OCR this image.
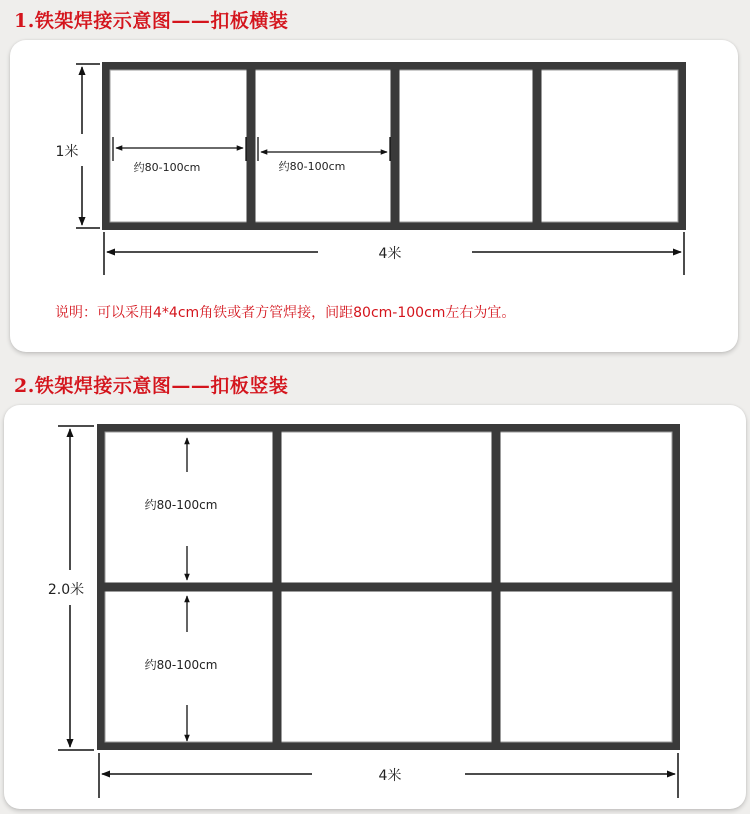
1.铁架焊接示意图——扣板横装
说明：可以采用4*4cm角铁或者方管焊接，间距80cm-100cm左右为宜。
2.铁架焊接示意图——扣板竖装
1米
4米
约80-100cm	约80-100cm
2.0米
4米
约80-100cm
约80-100cm
